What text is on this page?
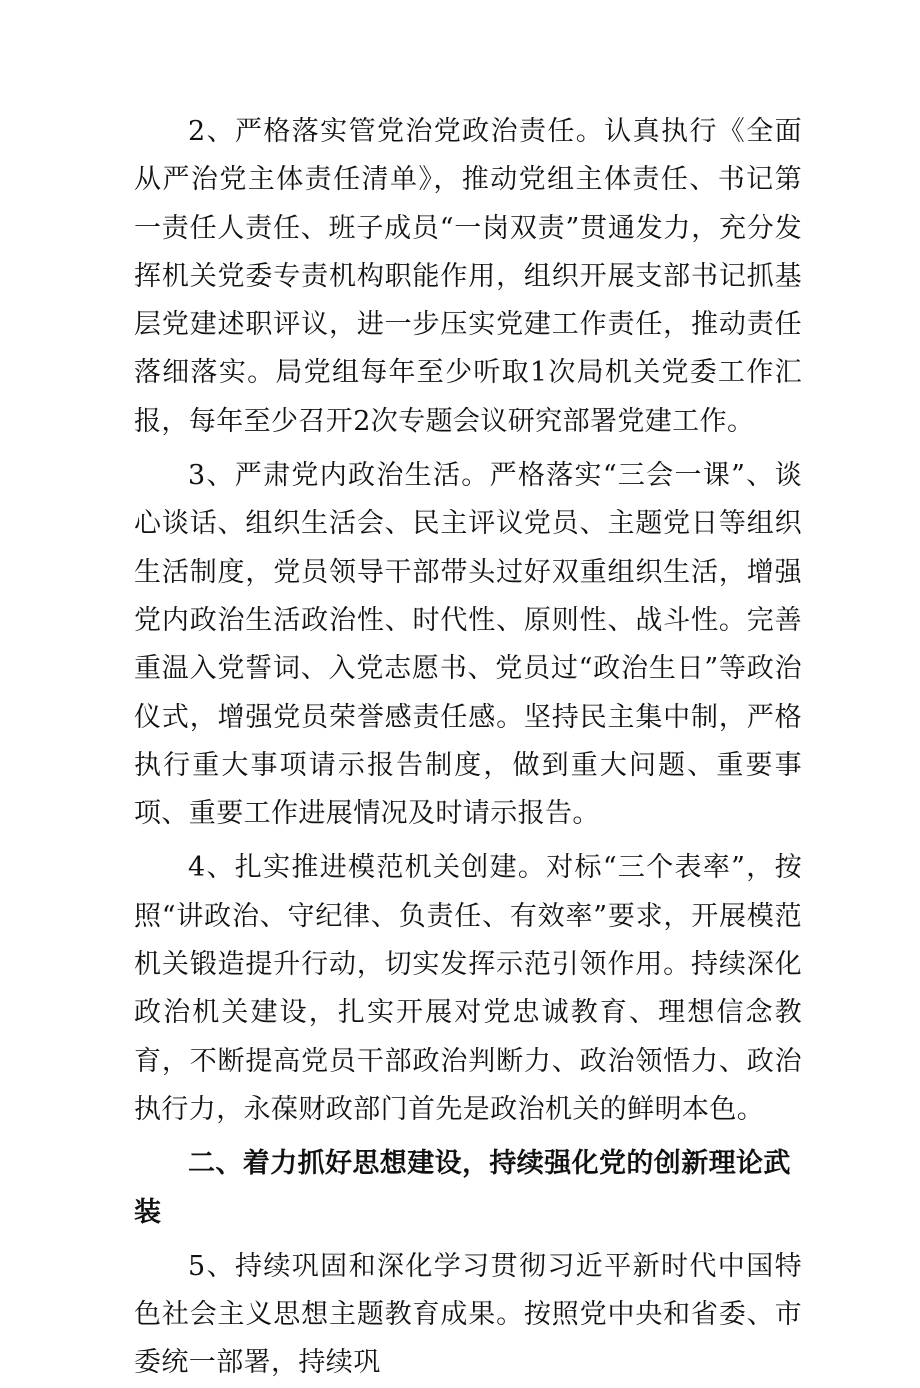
2、严格落实管党治党政治责任。认真执行《全面从严治党主体责任清单》，推动党组主体责任、书记第一责任人责任、班子成员“一岗双责”贯通发力，充分发挥机关党委专责机构职能作用，组织开展支部书记抓基层党建述职评议，进一步压实党建工作责任，推动责任落细落实。局党组每年至少听取1次局机关党委工作汇报，每年至少召开2次专题会议研究部署党建工作。

3、严肃党内政治生活。严格落实“三会一课”、谈心谈话、组织生活会、民主评议党员、主题党日等组织生活制度，党员领导干部带头过好双重组织生活，增强党内政治生活政治性、时代性、原则性、战斗性。完善重温入党誓词、入党志愿书、党员过“政治生日”等政治仪式，增强党员荣誉感责任感。坚持民主集中制，严格执行重大事项请示报告制度，做到重大问题、重要事项、重要工作进展情况及时请示报告。

4、扎实推进模范机关创建。对标“三个表率”，按照“讲政治、守纪律、负责任、有效率”要求，开展模范机关锻造提升行动，切实发挥示范引领作用。持续深化政治机关建设，扎实开展对党忠诚教育、理想信念教育，不断提高党员干部政治判断力、政治领悟力、政治执行力，永葆财政部门首先是政治机关的鲜明本色。

二、着力抓好思想建设，持续强化党的创新理论武装

5、持续巩固和深化学习贯彻习近平新时代中国特色社会主义思想主题教育成果。按照党中央和省委、市委统一部署，持续巩
